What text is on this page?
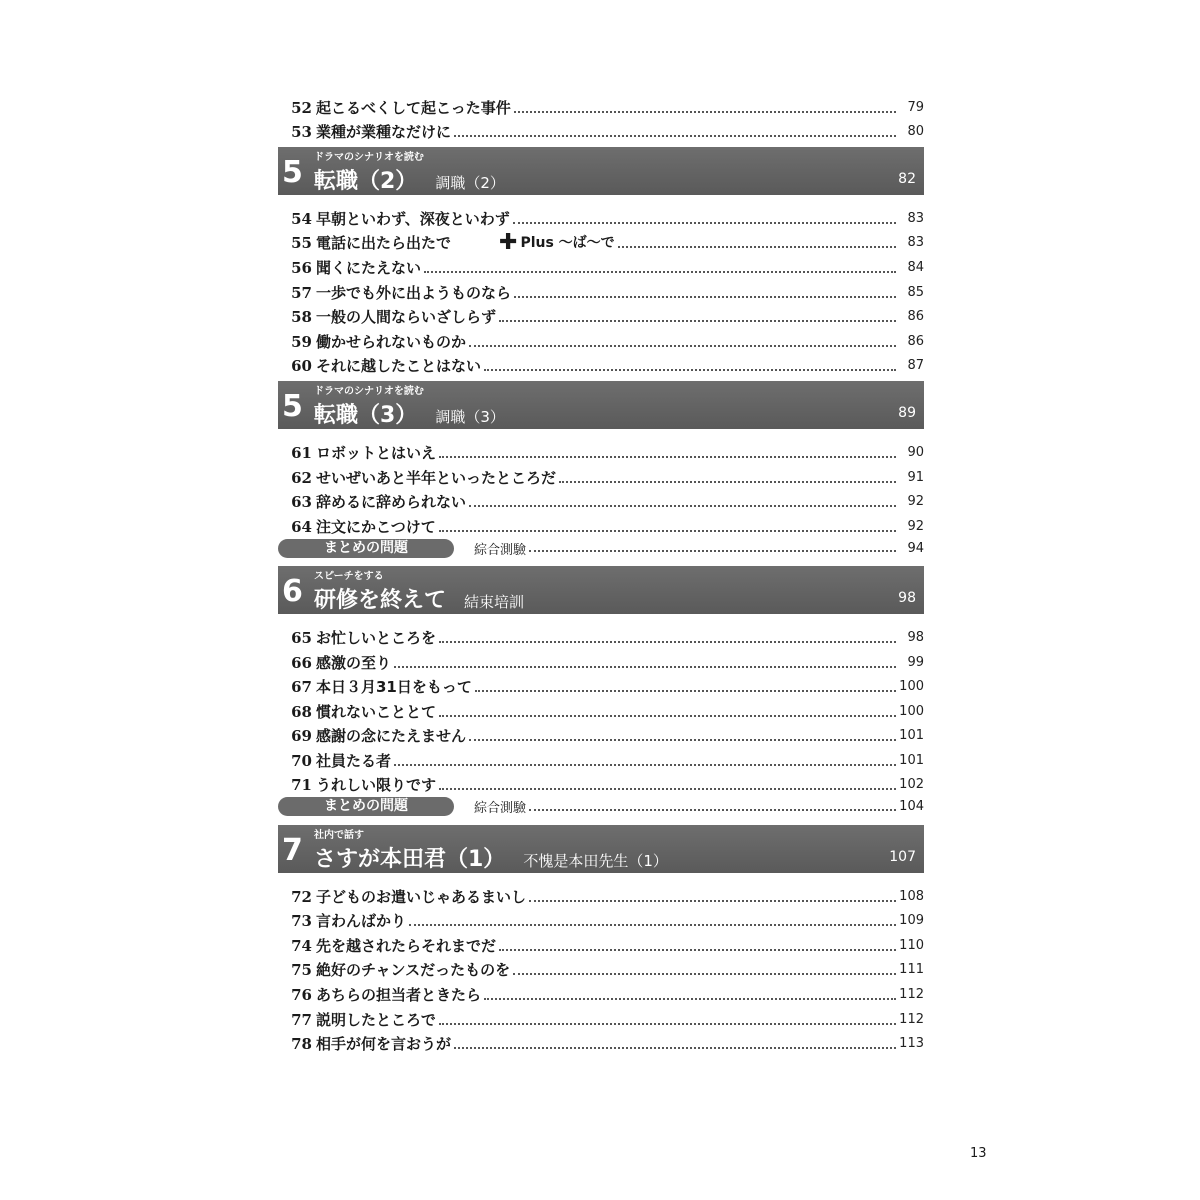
52 起こるべくして起こった事件	79
53 業種が業種なだけに	80
5 ドラマのシナリオを読む
転職（2） 調職（2）	82
54 早朝といわず、深夜といわず	83
55 電話に出たら出たで ✚ Plus ～ば～で	83
56 聞くにたえない	84
57 一歩でも外に出ようものなら	85
58 一般の人間ならいざしらず	86
59 働かせられないものか	86
60 それに越したことはない	87
5 ドラマのシナリオを読む
転職（3） 調職（3）	89
61 ロボットとはいえ	90
62 せいぜいあと半年といったところだ	91
63 辞めるに辞められない	92
64 注文にかこつけて	92
まとめの問題	綜合測驗	94
6 スピーチをする
研修を終えて 結束培訓	98
65 お忙しいところを	98
66 感激の至り	99
67 本日３月31日をもって	100
68 慣れないこととて	100
69 感謝の念にたえません	101
70 社員たる者	101
71 うれしい限りです	102
まとめの問題	綜合測驗	104
7 社内で話す
さすが本田君（1） 不愧是本田先生（1）	107
72 子どものお遣いじゃあるまいし	108
73 言わんばかり	109
74 先を越されたらそれまでだ	110
75 絶好のチャンスだったものを	111
76 あちらの担当者ときたら	112
77 説明したところで	112
78 相手が何を言おうが	113
13
